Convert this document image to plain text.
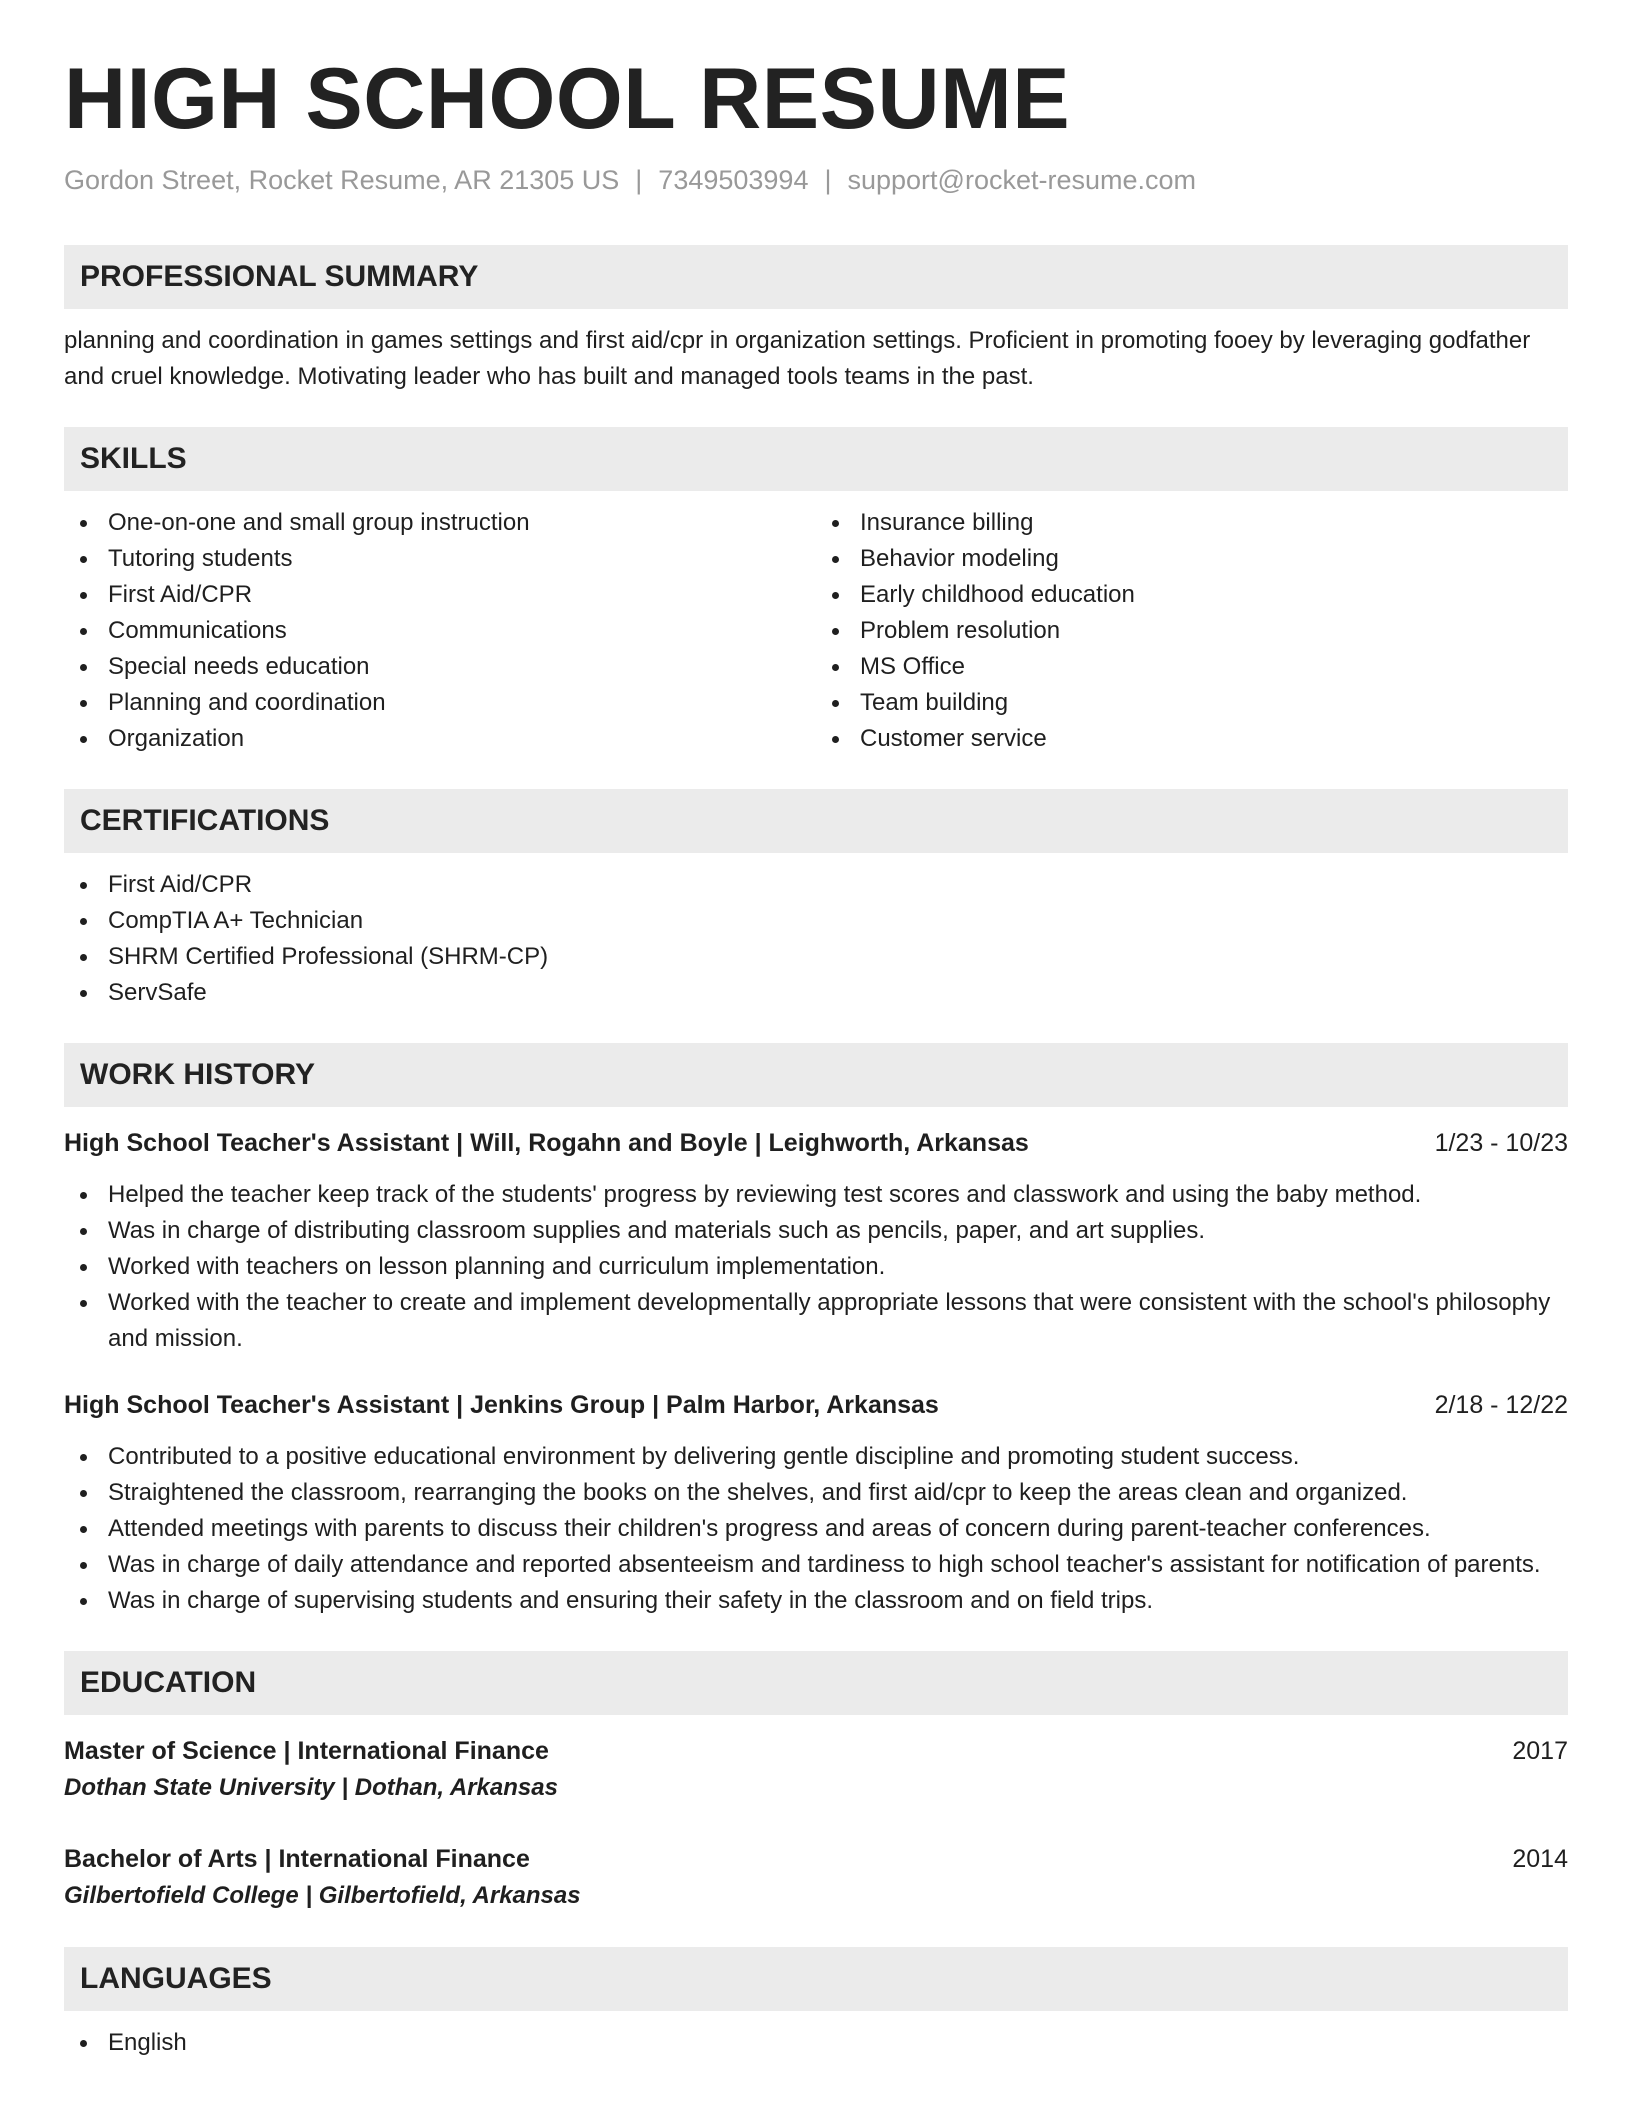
HIGH SCHOOL RESUME
Gordon Street, Rocket Resume, AR 21305 US | 7349503994 | support@rocket-resume.com
PROFESSIONAL SUMMARY
planning and coordination in games settings and first aid/cpr in organization settings. Proficient in promoting fooey by leveraging godfather and cruel knowledge. Motivating leader who has built and managed tools teams in the past.
SKILLS
One-on-one and small group instruction
Tutoring students
First Aid/CPR
Communications
Special needs education
Planning and coordination
Organization
Insurance billing
Behavior modeling
Early childhood education
Problem resolution
MS Office
Team building
Customer service
CERTIFICATIONS
First Aid/CPR
CompTIA A+ Technician
SHRM Certified Professional (SHRM-CP)
ServSafe
WORK HISTORY
High School Teacher's Assistant | Will, Rogahn and Boyle | Leighworth, Arkansas	1/23 - 10/23
Helped the teacher keep track of the students' progress by reviewing test scores and classwork and using the baby method.
Was in charge of distributing classroom supplies and materials such as pencils, paper, and art supplies.
Worked with teachers on lesson planning and curriculum implementation.
Worked with the teacher to create and implement developmentally appropriate lessons that were consistent with the school's philosophy and mission.
High School Teacher's Assistant | Jenkins Group | Palm Harbor, Arkansas	2/18 - 12/22
Contributed to a positive educational environment by delivering gentle discipline and promoting student success.
Straightened the classroom, rearranging the books on the shelves, and first aid/cpr to keep the areas clean and organized.
Attended meetings with parents to discuss their children's progress and areas of concern during parent-teacher conferences.
Was in charge of daily attendance and reported absenteeism and tardiness to high school teacher's assistant for notification of parents.
Was in charge of supervising students and ensuring their safety in the classroom and on field trips.
EDUCATION
Master of Science | International Finance	2017
Dothan State University | Dothan, Arkansas
Bachelor of Arts | International Finance	2014
Gilbertofield College | Gilbertofield, Arkansas
LANGUAGES
English
